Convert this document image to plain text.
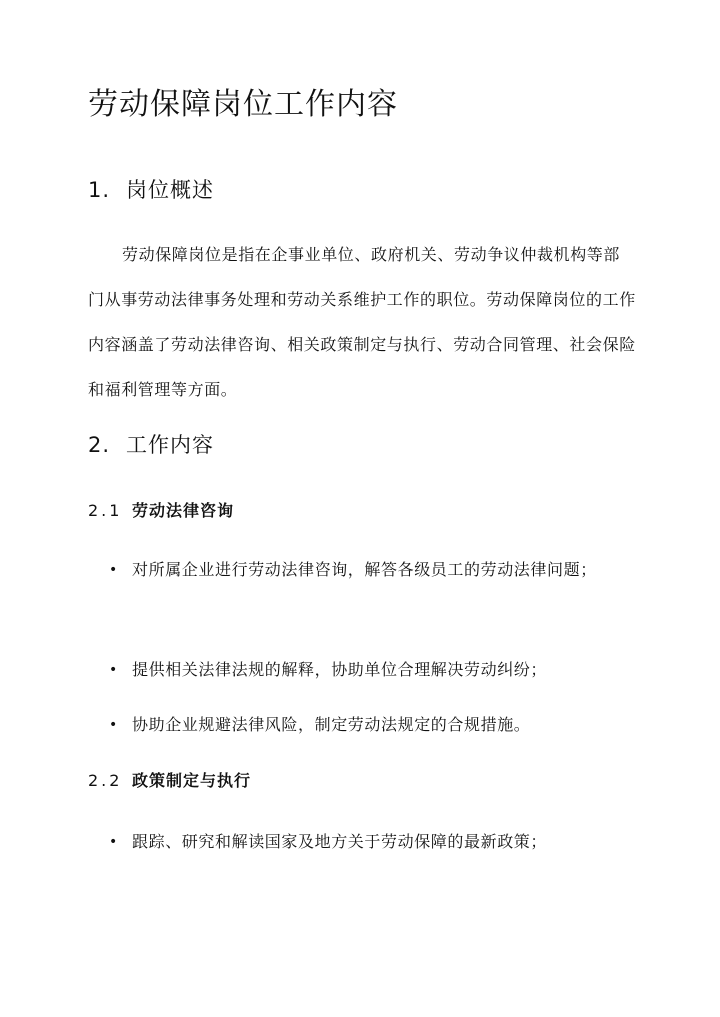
劳动保障岗位工作内容
1. 岗位概述

劳动保障岗位是指在企事业单位、政府机关、劳动争议仲裁机构等部门从事劳动法律事务处理和劳动关系维护工作的职位。劳动保障岗位的工作内容涵盖了劳动法律咨询、相关政策制定与执行、劳动合同管理、社会保险和福利管理等方面。

2. 工作内容
2.1 劳动法律咨询
• 对所属企业进行劳动法律咨询，解答各级员工的劳动法律问题；
• 提供相关法律法规的解释，协助单位合理解决劳动纠纷；
• 协助企业规避法律风险，制定劳动法规定的合规措施。
2.2 政策制定与执行
• 跟踪、研究和解读国家及地方关于劳动保障的最新政策；
